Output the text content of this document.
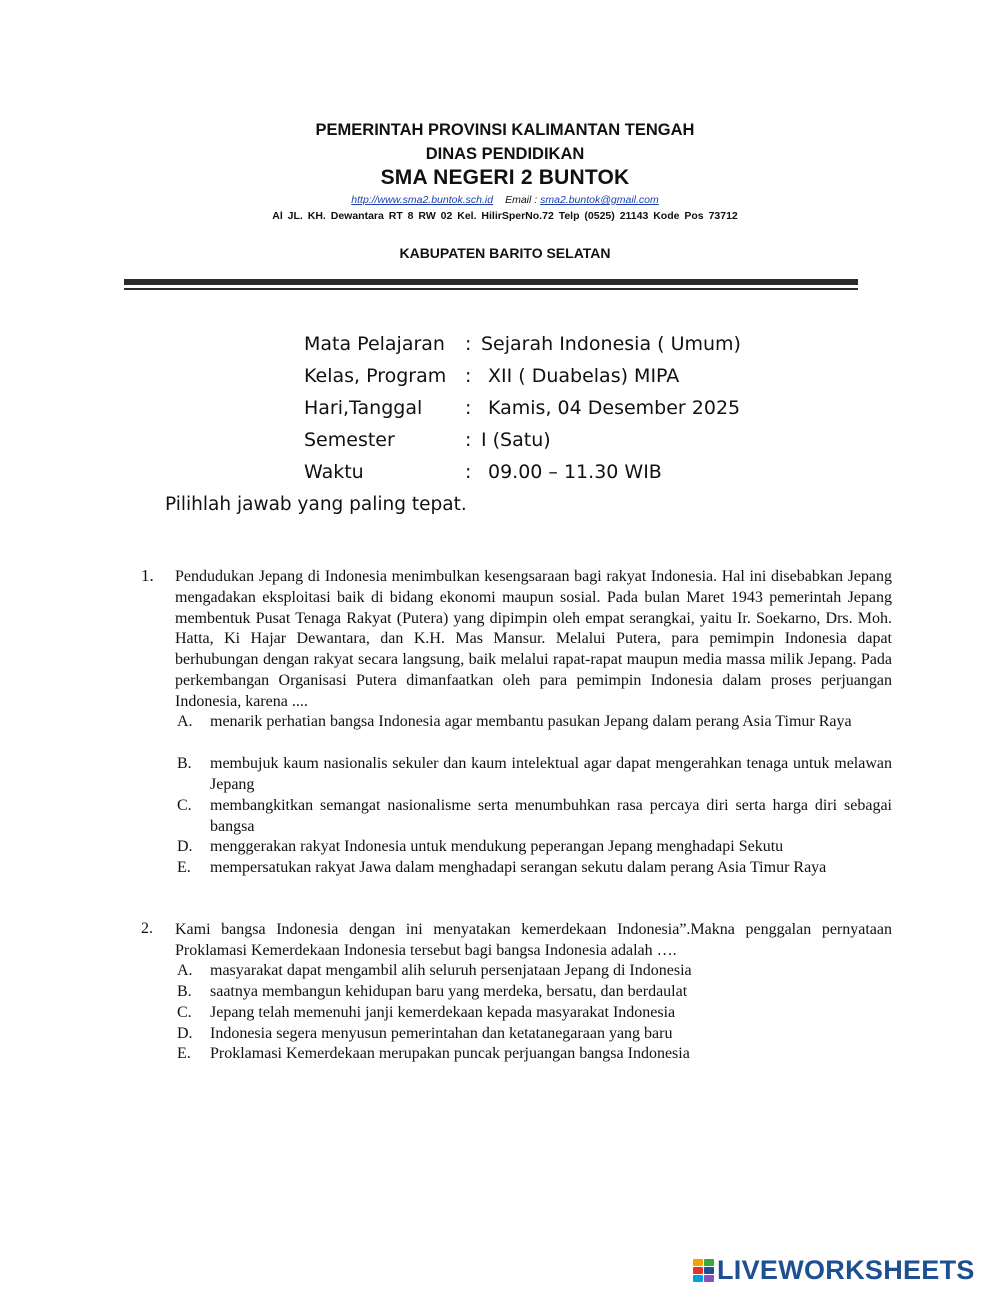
PEMERINTAH PROVINSI KALIMANTAN TENGAH
DINAS PENDIDIKAN
SMA NEGERI 2 BUNTOK
http://www.sma2.buntok.sch.id Email : sma2.buntok@gmail.com
Al JL. KH. Dewantara RT 8 RW 02 Kel. HilirSperNo.72 Telp (0525) 21143 Kode Pos 73712
KABUPATEN BARITO SELATAN
Mata Pelajaran : Sejarah Indonesia ( Umum)
Kelas, Program : XII ( Duabelas) MIPA
Hari,Tanggal : Kamis, 04 Desember 2025
Semester	: I (Satu)
Waktu	: 09.00 – 11.30 WIB
Pilihlah jawab yang paling tepat.
1. Pendudukan Jepang di Indonesia menimbulkan kesengsaraan bagi rakyat Indonesia. Hal ini disebabkan Jepang mengadakan eksploitasi baik di bidang ekonomi maupun sosial. Pada bulan Maret 1943 pemerintah Jepang membentuk Pusat Tenaga Rakyat (Putera) yang dipimpin oleh empat serangkai, yaitu Ir. Soekarno, Drs. Moh. Hatta, Ki Hajar Dewantara, dan K.H. Mas Mansur. Melalui Putera, para pemimpin Indonesia dapat berhubungan dengan rakyat secara langsung, baik melalui rapat-rapat maupun media massa milik Jepang. Pada perkembangan Organisasi Putera dimanfaatkan oleh para pemimpin Indonesia dalam proses perjuangan Indonesia, karena ....
A. menarik perhatian bangsa Indonesia agar membantu pasukan Jepang dalam perang Asia Timur Raya
B. membujuk kaum nasionalis sekuler dan kaum intelektual agar dapat mengerahkan tenaga untuk melawan Jepang
C. membangkitkan semangat nasionalisme serta menumbuhkan rasa percaya diri serta harga diri sebagai bangsa
D. menggerakan rakyat Indonesia untuk mendukung peperangan Jepang menghadapi Sekutu
E. mempersatukan rakyat Jawa dalam menghadapi serangan sekutu dalam perang Asia Timur Raya
2. Kami bangsa Indonesia dengan ini menyatakan kemerdekaan Indonesia”.Makna penggalan pernyataan Proklamasi Kemerdekaan Indonesia tersebut bagi bangsa Indonesia adalah ….
A. masyarakat dapat mengambil alih seluruh persenjataan Jepang di Indonesia
B. saatnya membangun kehidupan baru yang merdeka, bersatu, dan berdaulat
C. Jepang telah memenuhi janji kemerdekaan kepada masyarakat Indonesia
D. Indonesia segera menyusun pemerintahan dan ketatanegaraan yang baru
E. Proklamasi Kemerdekaan merupakan puncak perjuangan bangsa Indonesia
LIVEWORKSHEETS
